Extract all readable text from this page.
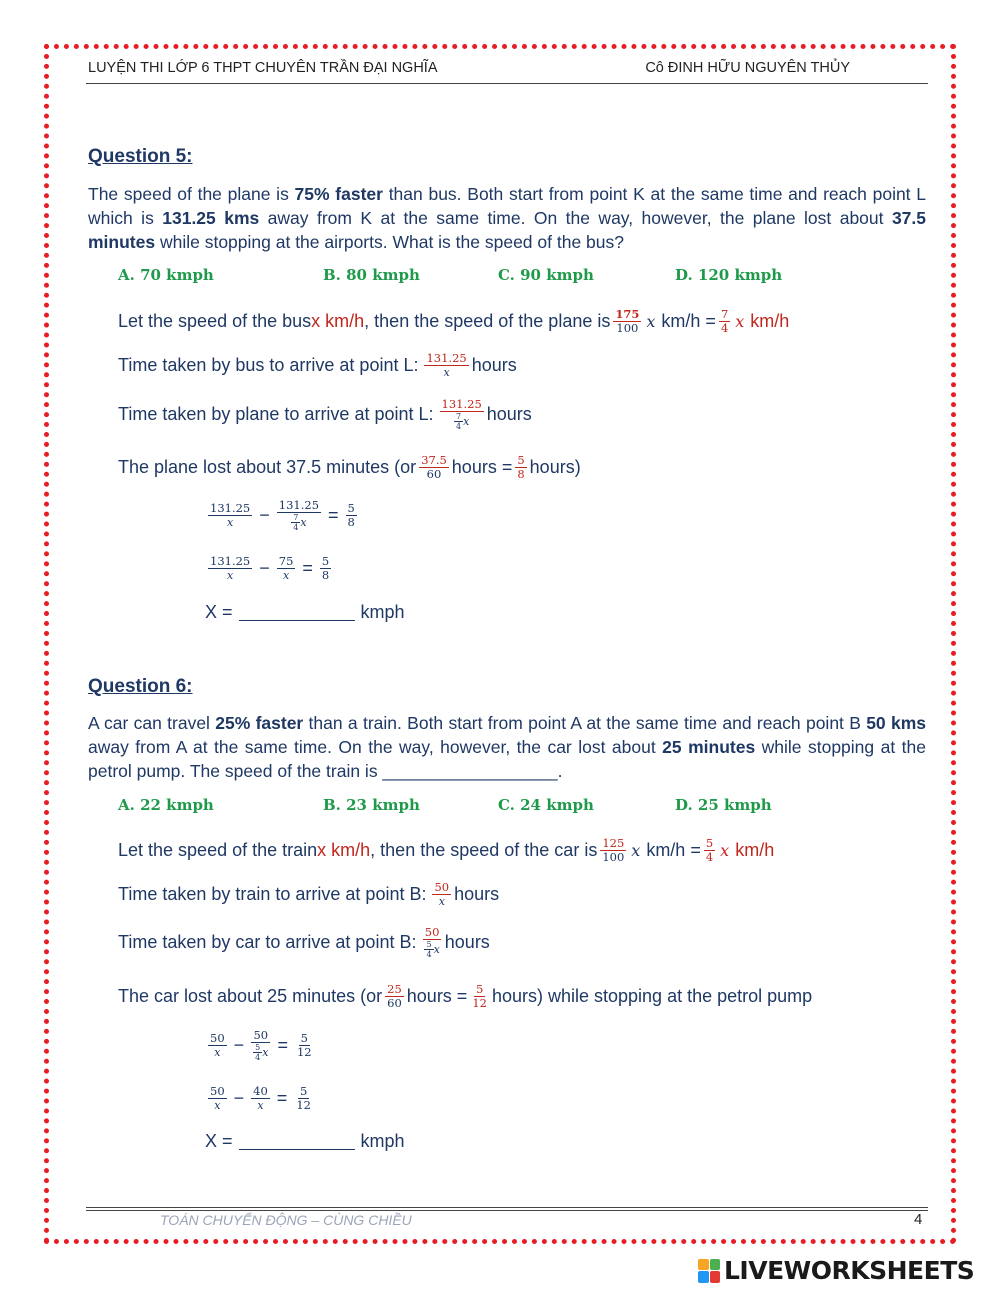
LUYỆN THI LỚP 6 THPT CHUYÊN TRẦN ĐẠI NGHĨA	Cô ĐINH HỮU NGUYÊN THỦY
Question 5:
The speed of the plane is 75% faster than bus. Both start from point K at the same time and reach point L which is 131.25 kms away from K at the same time. On the way, however, the plane lost about 37.5 minutes while stopping at the airports. What is the speed of the bus?
A. 70 kmph	B. 80 kmph	C. 90 kmph	D. 120 kmph
Let the speed of the bus x km/h , then the speed of the plane is $\frac{175}{100}$ x $km/h = \frac{7}{4}$ x km/h
Time taken by bus to arrive at point L: $\frac{131.25}{x}$ hours
Time taken by plane to arrive at point L: $\frac{131.25}{\frac{7}{4} x}$ hours
The plane lost about 37.5 minutes ($or \frac{37.5}{60}$ hours = $\frac{5}{8}$ hours)
$\frac{131.25}{x} - \frac{131.25}{\frac{7}{4} x} = \frac{5}{8}$
$\frac{131.25}{x} - \frac{75}{x} = \frac{5}{8}$
X =	kmph
Question 6:
A car can travel 25% faster than a train. Both start from point A at the same time and reach point B 50 kms away from A at the same time. On the way, however, the car lost about 25 minutes while stopping at the petrol pump. The speed of the train is __________________.
A. 22 kmph	B. 23 kmph	C. 24 kmph	D. 25 kmph
Let the speed of the train x km/h , then the speed of the car is $\frac{125}{100}$ x $km/h = \frac{5}{4}$ x km/h
Time taken by train to arrive at point B: $\frac{50}{x}$ hours
Time taken by car to arrive at point B: $\frac{50}{\frac{5}{4} x}$ hours
The car lost about 25 minutes ($or \frac{25}{60}$ hours = $\frac{5}{12}$ hours) while stopping at the petrol pump
$\frac{50}{x} - \frac{50}{\frac{5}{4} x} = \frac{5}{12}$
$\frac{50}{x} - \frac{40}{x} = \frac{5}{12}$
X =	kmph
TOÁN CHUYỂN ĐỘNG – CÙNG CHIỀU	4
LIVEWORKSHEETS
